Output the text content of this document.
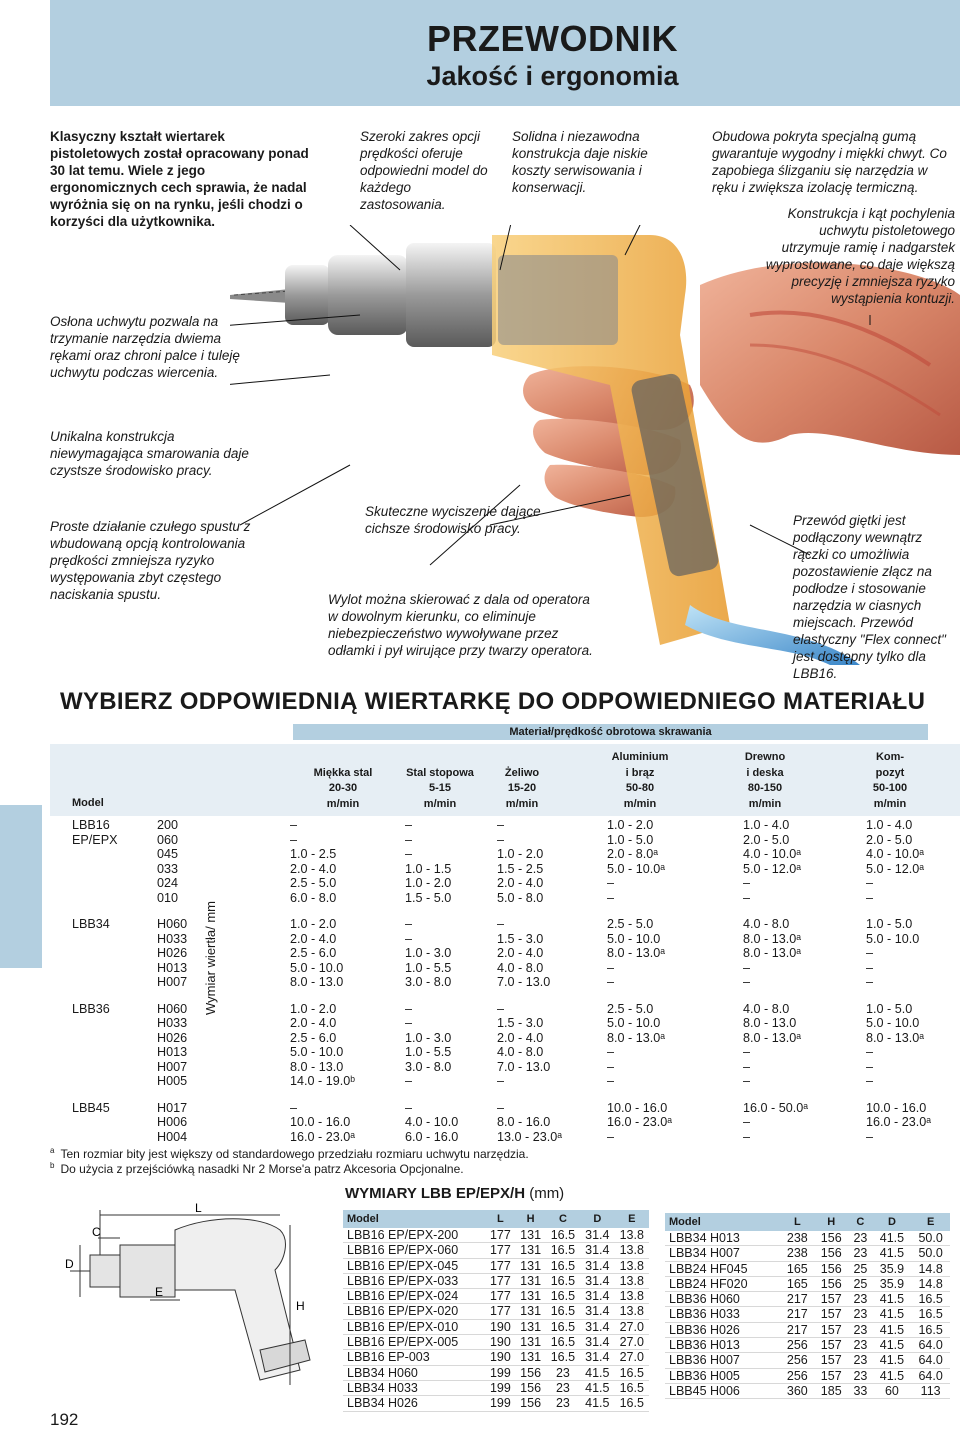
PRZEWODNIK
Jakość i ergonomia
Klasyczny kształt wiertarek pistoletowych został opracowany ponad 30 lat temu. Wiele z jego ergonomicznych cech sprawia, że nadal wyróżnia się on na rynku, jeśli chodzi o korzyści dla użytkownika.
Osłona uchwytu pozwala na trzymanie narzędzia dwiema rękami oraz chroni palce i tuleję uchwytu podczas wiercenia.
Szeroki zakres opcji prędkości oferuje odpowiedni model do każdego zastosowania.
Solidna i niezawodna konstrukcja daje niskie koszty serwisowania i konserwacji.
Obudowa pokryta specjalną gumą gwarantuje wygodny i miękki chwyt. Co zapobiega ślizganiu się narzędzia w ręku i zwiększa izolację termiczną.
Konstrukcja i kąt pochylenia uchwytu pistoletowego utrzymuje ramię i nadgarstek wyprostowane, co daje większą precyzję i zmniejsza ryzyko wystąpienia kontuzji.
Unikalna konstrukcja niewymagająca smarowania daje czystsze środowisko pracy.
Proste działanie czułego spustu z wbudowaną opcją kontrolowania prędkości zmniejsza ryzyko występowania zbyt częstego naciskania spustu.
Skuteczne wyciszenie dające cichsze środowisko pracy.
Wylot można skierować z dala od operatora w dowolnym kierunku, co eliminuje niebezpieczeństwo wywoływane przez odłamki i pył wirujące przy twarzy operatora.
Przewód giętki jest podłączony wewnątrz rączki co umożliwia pozostawienie złącz na podłodze i stosowanie narzędzia w ciasnych miejscach. Przewód elastyczny "Flex connect" jest dostępny tylko dla LBB16.
WYBIERZ ODPOWIEDNIĄ WIERTARKĘ DO ODPOWIEDNIEGO MATERIAŁU
Materiał/prędkość obrotowa skrawania
Model
Miękka stal
20-30
m/min
Stal stopowa
5-15
m/min
Żeliwo
15-20
m/min
Aluminium
i brąz
50-80
m/min
Drewno
i deska
80-150
m/min
Kom-
pozyt
50-100
m/min
LBB16	200	–	–	–	1.0 - 2.0	1.0 - 4.0	1.0 - 4.0
EP/EPX	060	–	–	–	1.0 - 5.0	2.0 - 5.0	2.0 - 5.0
045	1.0 - 2.5	–	1.0 - 2.0	2.0 - 8.0ᵃ	4.0 - 10.0ᵃ	4.0 - 10.0ᵃ
033	2.0 - 4.0	1.0 - 1.5	1.5 - 2.5	5.0 - 10.0ᵃ	5.0 - 12.0ᵃ	5.0 - 12.0ᵃ
024	2.5 - 5.0	1.0 - 2.0	2.0 - 4.0	–	–	–
010	6.0 - 8.0	1.5 - 5.0	5.0 - 8.0	–	–	–
LBB34	H060	1.0 - 2.0	–	–	2.5 - 5.0	4.0 - 8.0	1.0 - 5.0
H033	2.0 - 4.0	–	1.5 - 3.0	5.0 - 10.0	8.0 - 13.0ᵃ	5.0 - 10.0
H026	2.5 - 6.0	1.0 - 3.0	2.0 - 4.0	8.0 - 13.0ᵃ	8.0 - 13.0ᵃ	–
H013	5.0 - 10.0	1.0 - 5.5	4.0 - 8.0	–	–	–
H007	8.0 - 13.0	3.0 - 8.0	7.0 - 13.0	–	–	–
LBB36	H060	1.0 - 2.0	–	–	2.5 - 5.0	4.0 - 8.0	1.0 - 5.0
H033	2.0 - 4.0	–	1.5 - 3.0	5.0 - 10.0	8.0 - 13.0	5.0 - 10.0
H026	2.5 - 6.0	1.0 - 3.0	2.0 - 4.0	8.0 - 13.0ᵃ	8.0 - 13.0ᵃ	8.0 - 13.0ᵃ
H013	5.0 - 10.0	1.0 - 5.5	4.0 - 8.0	–	–	–
H007	8.0 - 13.0	3.0 - 8.0	7.0 - 13.0	–	–	–
H005	14.0 - 19.0ᵇ	–	–	–	–	–
LBB45	H017	–	–	–	10.0 - 16.0	16.0 - 50.0ᵃ	10.0 - 16.0
H006	10.0 - 16.0	4.0 - 10.0	8.0 - 16.0	16.0 - 23.0ᵃ	–	16.0 - 23.0ᵃ
H004	16.0 - 23.0ᵃ	6.0 - 16.0	13.0 - 23.0ᵃ	–	–	–
Wymiar wiertła/ mm
$^a$ Ten rozmiar bity jest większy od standardowego przedziału rozmiaru uchwytu narzędzia.
$^b$ Do użycia z przejściówką nasadki Nr 2 Morse'a patrz Akcesoria Opcjonalne.
WYMIARY LBB EP/EPX/H (mm)
L
C
D
E
H
Model	L	H	C	D	E
LBB16 EP/EPX-200	177	131	16.5	31.4	13.8
LBB16 EP/EPX-060	177	131	16.5	31.4	13.8
LBB16 EP/EPX-045	177	131	16.5	31.4	13.8
LBB16 EP/EPX-033	177	131	16.5	31.4	13.8
LBB16 EP/EPX-024	177	131	16.5	31.4	13.8
LBB16 EP/EPX-020	177	131	16.5	31.4	13.8
LBB16 EP/EPX-010	190	131	16.5	31.4	27.0
LBB16 EP/EPX-005	190	131	16.5	31.4	27.0
LBB16 EP-003	190	131	16.5	31.4	27.0
LBB34 H060	199	156	23	41.5	16.5
LBB34 H033	199	156	23	41.5	16.5
LBB34 H026	199	156	23	41.5	16.5
Model	L	H	C	D	E
LBB34 H013	238	156	23	41.5	50.0
LBB34 H007	238	156	23	41.5	50.0
LBB24 HF045	165	156	25	35.9	14.8
LBB24 HF020	165	156	25	35.9	14.8
LBB36 H060	217	157	23	41.5	16.5
LBB36 H033	217	157	23	41.5	16.5
LBB36 H026	217	157	23	41.5	16.5
LBB36 H013	256	157	23	41.5	64.0
LBB36 H007	256	157	23	41.5	64.0
LBB36 H005	256	157	23	41.5	64.0
LBB45 H006	360	185	33	60	113
192
